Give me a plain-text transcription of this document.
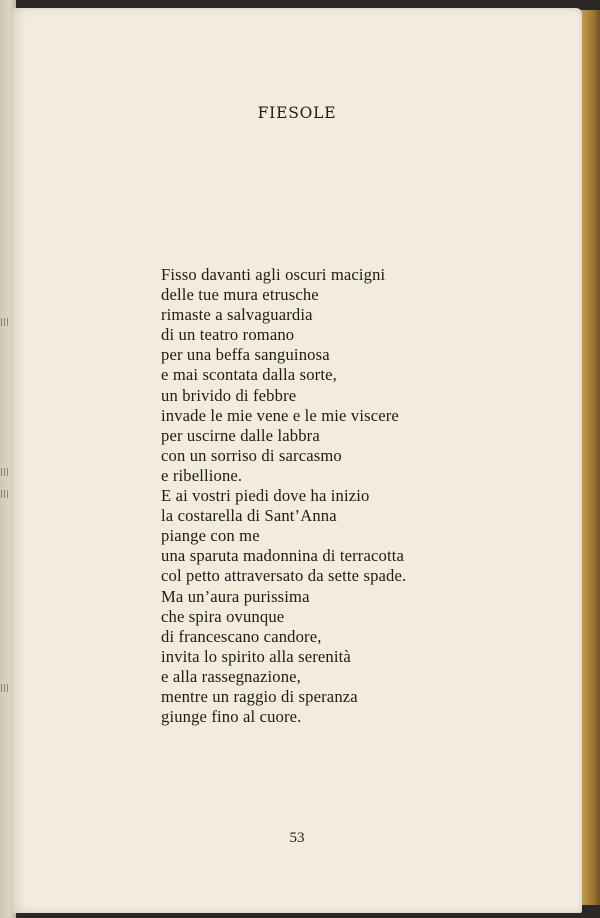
FIESOLE
Fisso davanti agli oscuri macigni
delle tue mura etrusche
rimaste a salvaguardia
di un teatro romano
per una beffa sanguinosa
e mai scontata dalla sorte,
un brivido di febbre
invade le mie vene e le mie viscere
per uscirne dalle labbra
con un sorriso di sarcasmo
e ribellione.
E ai vostri piedi dove ha inizio
la costarella di Sant’Anna
piange con me
una sparuta madonnina di terracotta
col petto attraversato da sette spade.
Ma un’aura purissima
che spira ovunque
di francescano candore,
invita lo spirito alla serenità
e alla rassegnazione,
mentre un raggio di speranza
giunge fino al cuore.
53
